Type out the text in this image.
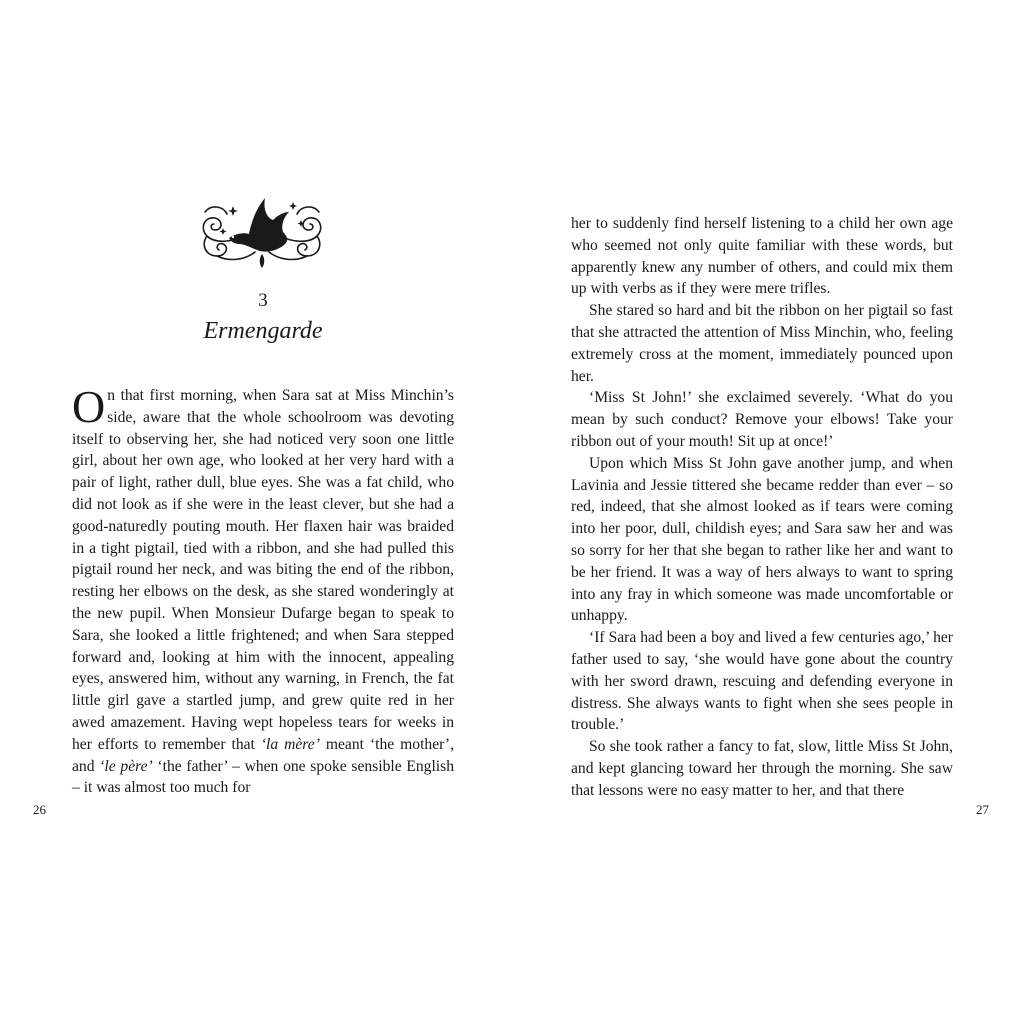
3
Ermengarde

On that first morning, when Sara sat at Miss Minchin’s side, aware that the whole schoolroom was devoting itself to observing her, she had noticed very soon one little girl, about her own age, who looked at her very hard with a pair of light, rather dull, blue eyes. She was a fat child, who did not look as if she were in the least clever, but she had a good-naturedly pouting mouth. Her flaxen hair was braided in a tight pigtail, tied with a ribbon, and she had pulled this pigtail round her neck, and was biting the end of the ribbon, resting her elbows on the desk, as she stared wonderingly at the new pupil. When Monsieur Dufarge began to speak to Sara, she looked a little frightened; and when Sara stepped forward and, looking at him with the innocent, appealing eyes, answered him, without any warning, in French, the fat little girl gave a startled jump, and grew quite red in her awed amazement. Having wept hopeless tears for weeks in her efforts to remember that ‘la mère’ meant ‘the mother’, and ‘le père’ ‘the father’ – when one spoke sensible English – it was almost too much for

26

her to suddenly find herself listening to a child her own age who seemed not only quite familiar with these words, but apparently knew any number of others, and could mix them up with verbs as if they were mere trifles.

She stared so hard and bit the ribbon on her pigtail so fast that she attracted the attention of Miss Minchin, who, feeling extremely cross at the moment, immediately pounced upon her.

‘Miss St John!’ she exclaimed severely. ‘What do you mean by such conduct? Remove your elbows! Take your ribbon out of your mouth! Sit up at once!’

Upon which Miss St John gave another jump, and when Lavinia and Jessie tittered she became redder than ever – so red, indeed, that she almost looked as if tears were coming into her poor, dull, childish eyes; and Sara saw her and was so sorry for her that she began to rather like her and want to be her friend. It was a way of hers always to want to spring into any fray in which someone was made uncomfortable or unhappy.

‘If Sara had been a boy and lived a few centuries ago,’ her father used to say, ‘she would have gone about the country with her sword drawn, rescuing and defending everyone in distress. She always wants to fight when she sees people in trouble.’

So she took rather a fancy to fat, slow, little Miss St John, and kept glancing toward her through the morning. She saw that lessons were no easy matter to her, and that there

27
